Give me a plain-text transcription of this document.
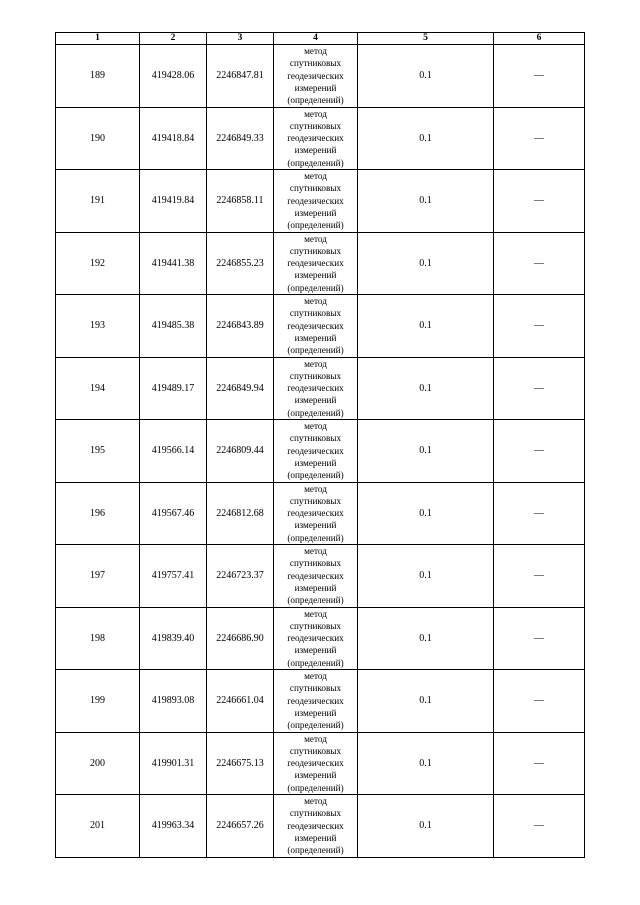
1	2	3	4	5	6
189	419428.06	2246847.81	метод
спутниковых
геодезических
измерений
(определений)	0.1	—
190	419418.84	2246849.33	метод
спутниковых
геодезических
измерений
(определений)	0.1	—
191	419419.84	2246858.11	метод
спутниковых
геодезических
измерений
(определений)	0.1	—
192	419441.38	2246855.23	метод
спутниковых
геодезических
измерений
(определений)	0.1	—
193	419485.38	2246843.89	метод
спутниковых
геодезических
измерений
(определений)	0.1	—
194	419489.17	2246849.94	метод
спутниковых
геодезических
измерений
(определений)	0.1	—
195	419566.14	2246809.44	метод
спутниковых
геодезических
измерений
(определений)	0.1	—
196	419567.46	2246812.68	метод
спутниковых
геодезических
измерений
(определений)	0.1	—
197	419757.41	2246723.37	метод
спутниковых
геодезических
измерений
(определений)	0.1	—
198	419839.40	2246686.90	метод
спутниковых
геодезических
измерений
(определений)	0.1	—
199	419893.08	2246661.04	метод
спутниковых
геодезических
измерений
(определений)	0.1	—
200	419901.31	2246675.13	метод
спутниковых
геодезических
измерений
(определений)	0.1	—
201	419963.34	2246657.26	метод
спутниковых
геодезических
измерений
(определений)	0.1	—
